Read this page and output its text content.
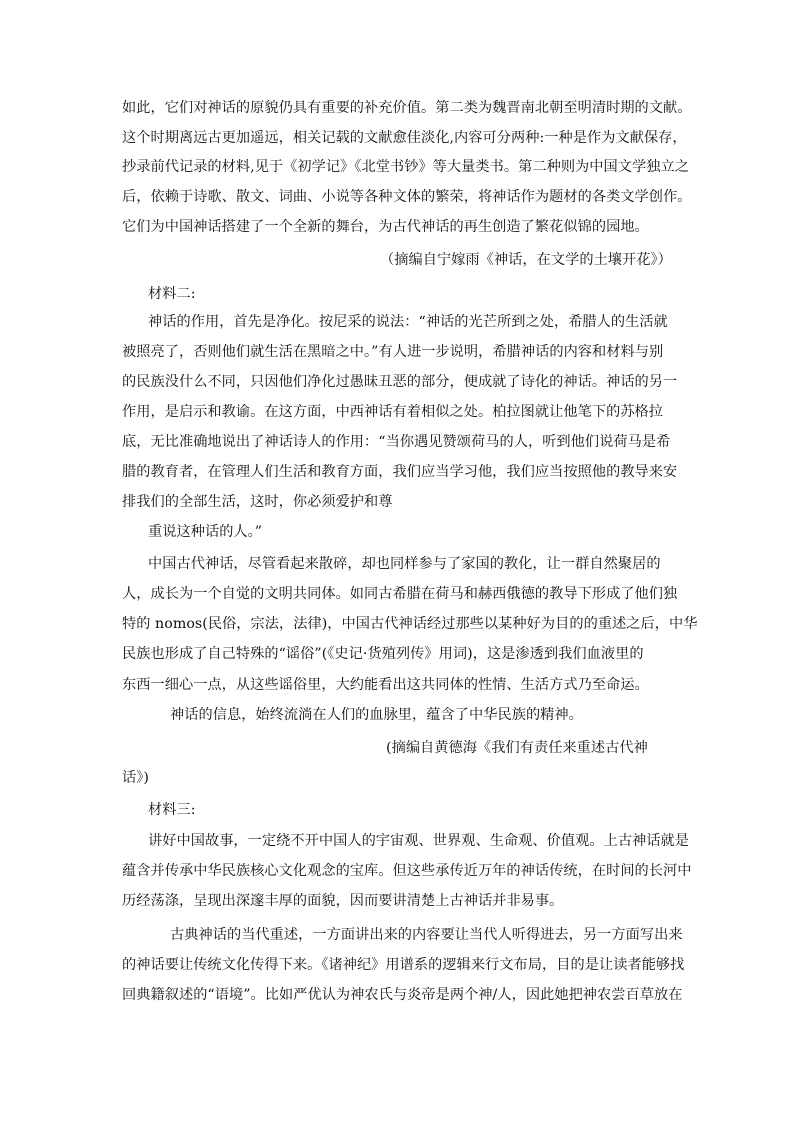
如此，它们对神话的原貌仍具有重要的补充价值。第二类为魏晋南北朝至明清时期的文献。
这个时期离远古更加遥远，相关记载的文献愈佳淡化,内容可分两种:一种是作为文献保存，
抄录前代记录的材料,见于《初学记》《北堂书钞》等大量类书。第二种则为中国文学独立之
后，依赖于诗歌、散文、词曲、小说等各种文体的繁荣，将神话作为题材的各类文学创作。
它们为中国神话搭建了一个全新的舞台，为古代神话的再生创造了繁花似锦的园地。
（摘编自宁嫁雨《神话，在文学的土壤开花》）
材料二:
神话的作用，首先是净化。按尼采的说法：“神话的光芒所到之处，希腊人的生活就
被照亮了，否则他们就生活在黑暗之中。”有人进一步说明，希腊神话的内容和材料与别
的民族没什么不同，只因他们净化过愚昧丑恶的部分，便成就了诗化的神话。神话的另一
作用，是启示和教谕。在这方面，中西神话有着相似之处。柏拉图就让他笔下的苏格拉
底，无比准确地说出了神话诗人的作用：“当你遇见赞颂荷马的人，听到他们说荷马是希
腊的教育者，在管理人们生活和教育方面，我们应当学习他，我们应当按照他的教导来安
排我们的全部生活，这时，你必须爱护和尊
重说这种话的人。”
中国古代神话，尽管看起来散碎，却也同样参与了家国的教化，让一群自然聚居的
人，成长为一个自觉的文明共同体。如同古希腊在荷马和赫西俄德的教导下形成了他们独
特的 nomos(民俗，宗法，法律)，中国古代神话经过那些以某种好为目的的重述之后，中华
民族也形成了自己特殊的“谣俗”(《史记·货殖列传》用词)，这是渗透到我们血液里的
东西一细心一点，从这些谣俗里，大约能看出这共同体的性情、生活方式乃至命运。
神话的信息，始终流淌在人们的血脉里，蕴含了中华民族的精神。
(摘编自黄德海《我们有责任来重述古代神
话》)
材料三:
讲好中国故事，一定绕不开中国人的宇宙观、世界观、生命观、价值观。上古神话就是
蕴含并传承中华民族核心文化观念的宝库。但这些承传近万年的神话传统，在时间的长河中
历经荡涤，呈现出深邃丰厚的面貌，因而要讲清楚上古神话并非易事。
古典神话的当代重述，一方面讲出来的内容要让当代人听得进去，另一方面写出来
的神话要让传统文化传得下来。《诸神纪》用谱系的逻辑来行文布局，目的是让读者能够找
回典籍叙述的“语境”。比如严优认为神农氏与炎帝是两个神/人，因此她把神农尝百草放在
